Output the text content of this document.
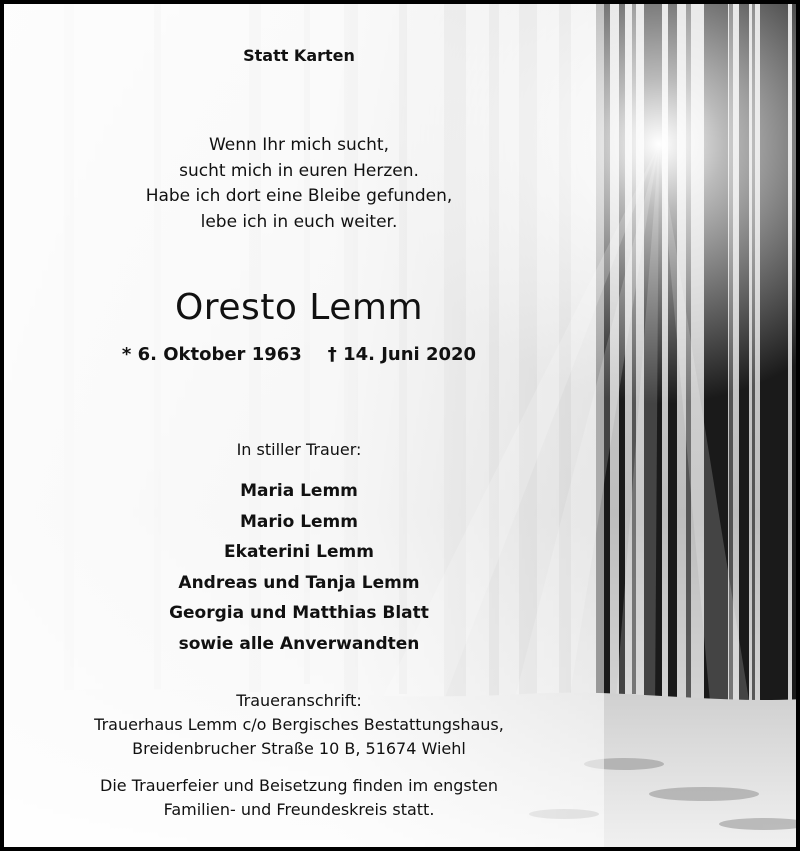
Statt Karten
Wenn Ihr mich sucht,
sucht mich in euren Herzen.
Habe ich dort eine Bleibe gefunden,
lebe ich in euch weiter.
Oresto Lemm
* 6. Oktober 1963 † 14. Juni 2020
In stiller Trauer:
Maria Lemm
Mario Lemm
Ekaterini Lemm
Andreas und Tanja Lemm
Georgia und Matthias Blatt
sowie alle Anverwandten
Traueranschrift:
Trauerhaus Lemm c/o Bergisches Bestattungshaus,
Breidenbrucher Straße 10 B, 51674 Wiehl
Die Trauerfeier und Beisetzung finden im engsten
Familien- und Freundeskreis statt.
